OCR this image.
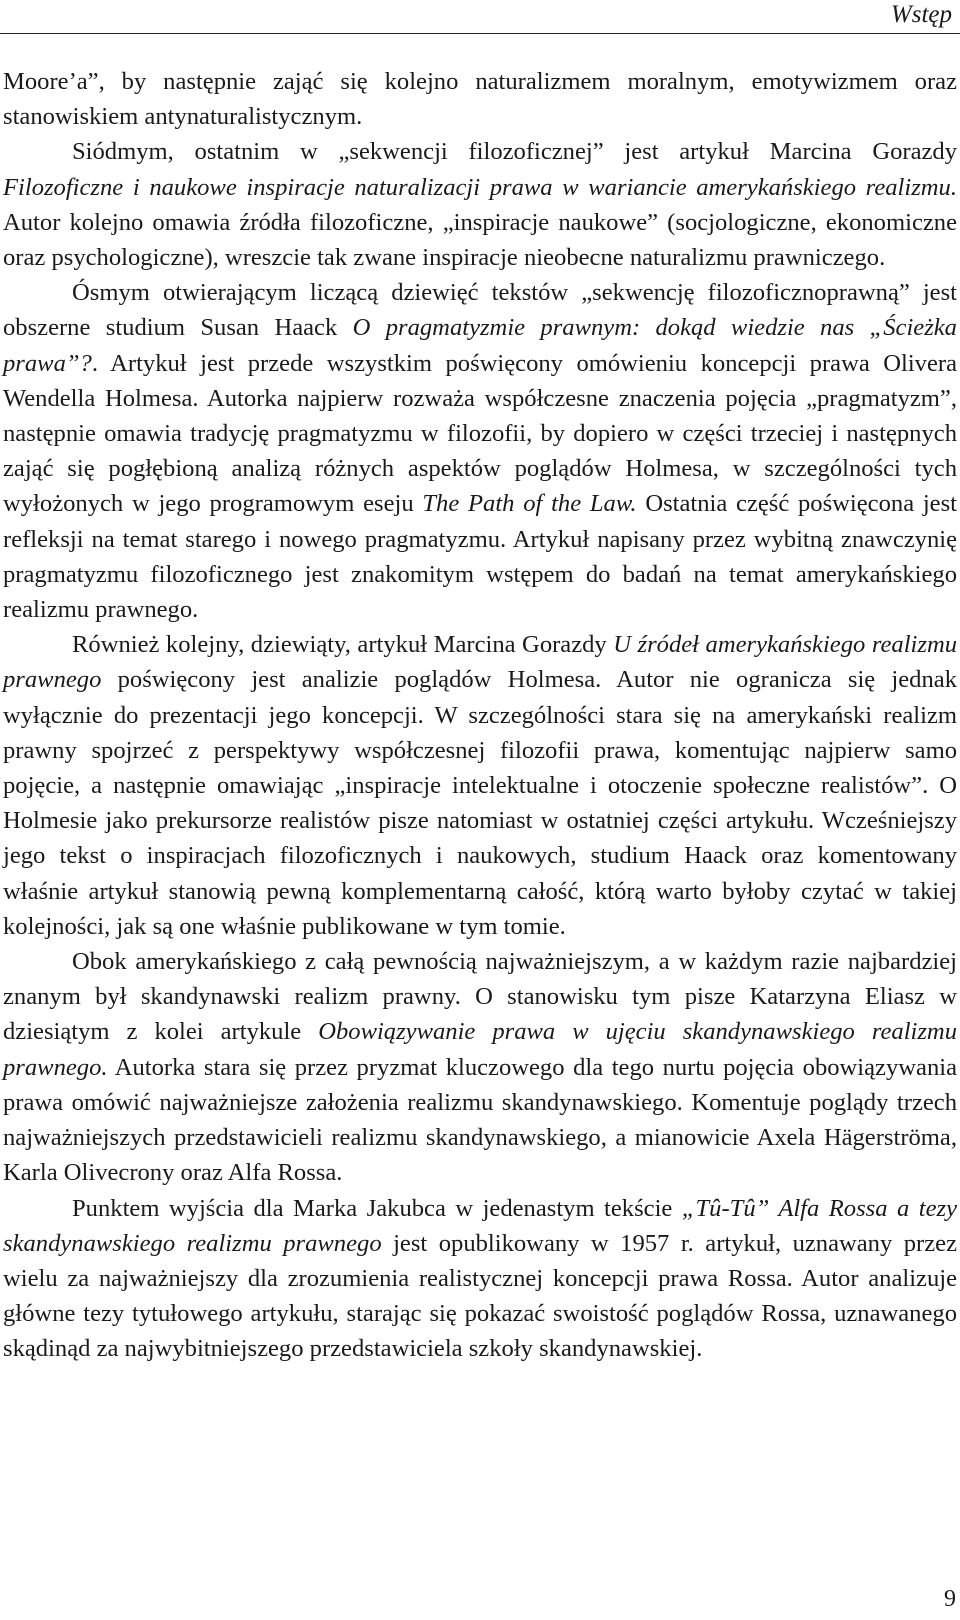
Wstęp

Moore’a”, by następnie zająć się kolejno naturalizmem moralnym, emotywizmem oraz stanowiskiem antynaturalistycznym.

Siódmym, ostatnim w „sekwencji filozoficznej” jest artykuł Marcina Gorazdy Filozoficzne i naukowe inspiracje naturalizacji prawa w wariancie amerykańskiego realizmu. Autor kolejno omawia źródła filozoficzne, „inspiracje naukowe” (socjologiczne, ekonomiczne oraz psychologiczne), wreszcie tak zwane inspiracje nieobecne naturalizmu prawniczego.

Ósmym otwierającym liczącą dziewięć tekstów „sekwencję filozoficznoprawną” jest obszerne studium Susan Haack O pragmatyzmie prawnym: dokąd wiedzie nas „Ścieżka prawa”?. Artykuł jest przede wszystkim poświęcony omówieniu koncepcji prawa Olivera Wendella Holmesa. Autorka najpierw rozważa współczesne znaczenia pojęcia „pragmatyzm”, następnie omawia tradycję pragmatyzmu w filozofii, by dopiero w części trzeciej i następnych zająć się pogłębioną analizą różnych aspektów poglądów Holmesa, w szczególności tych wyłożonych w jego programowym eseju The Path of the Law. Ostatnia część poświęcona jest refleksji na temat starego i nowego pragmatyzmu. Artykuł napisany przez wybitną znawczynię pragmatyzmu filozoficznego jest znakomitym wstępem do badań na temat amerykańskiego realizmu prawnego.

Również kolejny, dziewiąty, artykuł Marcina Gorazdy U źródeł amerykańskiego realizmu prawnego poświęcony jest analizie poglądów Holmesa. Autor nie ogranicza się jednak wyłącznie do prezentacji jego koncepcji. W szczególności stara się na amerykański realizm prawny spojrzeć z perspektywy współczesnej filozofii prawa, komentując najpierw samo pojęcie, a następnie omawiając „inspiracje intelektualne i otoczenie społeczne realistów”. O Holmesie jako prekursorze realistów pisze natomiast w ostatniej części artykułu. Wcześniejszy jego tekst o inspiracjach filozoficznych i naukowych, studium Haack oraz komentowany właśnie artykuł stanowią pewną komplementarną całość, którą warto byłoby czytać w takiej kolejności, jak są one właśnie publikowane w tym tomie.

Obok amerykańskiego z całą pewnością najważniejszym, a w każdym razie najbardziej znanym był skandynawski realizm prawny. O stanowisku tym pisze Katarzyna Eliasz w dziesiątym z kolei artykule Obowiązywanie prawa w ujęciu skandynawskiego realizmu prawnego. Autorka stara się przez pryzmat kluczowego dla tego nurtu pojęcia obowiązywania prawa omówić najważniejsze założenia realizmu skandynawskiego. Komentuje poglądy trzech najważniejszych przedstawicieli realizmu skandynawskiego, a mianowicie Axela Hägerströma, Karla Olivecrony oraz Alfa Rossa.

Punktem wyjścia dla Marka Jakubca w jedenastym tekście „Tû-Tû” Alfa Rossa a tezy skandynawskiego realizmu prawnego jest opublikowany w 1957 r. artykuł, uznawany przez wielu za najważniejszy dla zrozumienia realistycznej koncepcji prawa Rossa. Autor analizuje główne tezy tytułowego artykułu, starając się pokazać swoistość poglądów Rossa, uznawanego skądinąd za najwybitniejszego przedstawiciela szkoły skandynawskiej.

9
